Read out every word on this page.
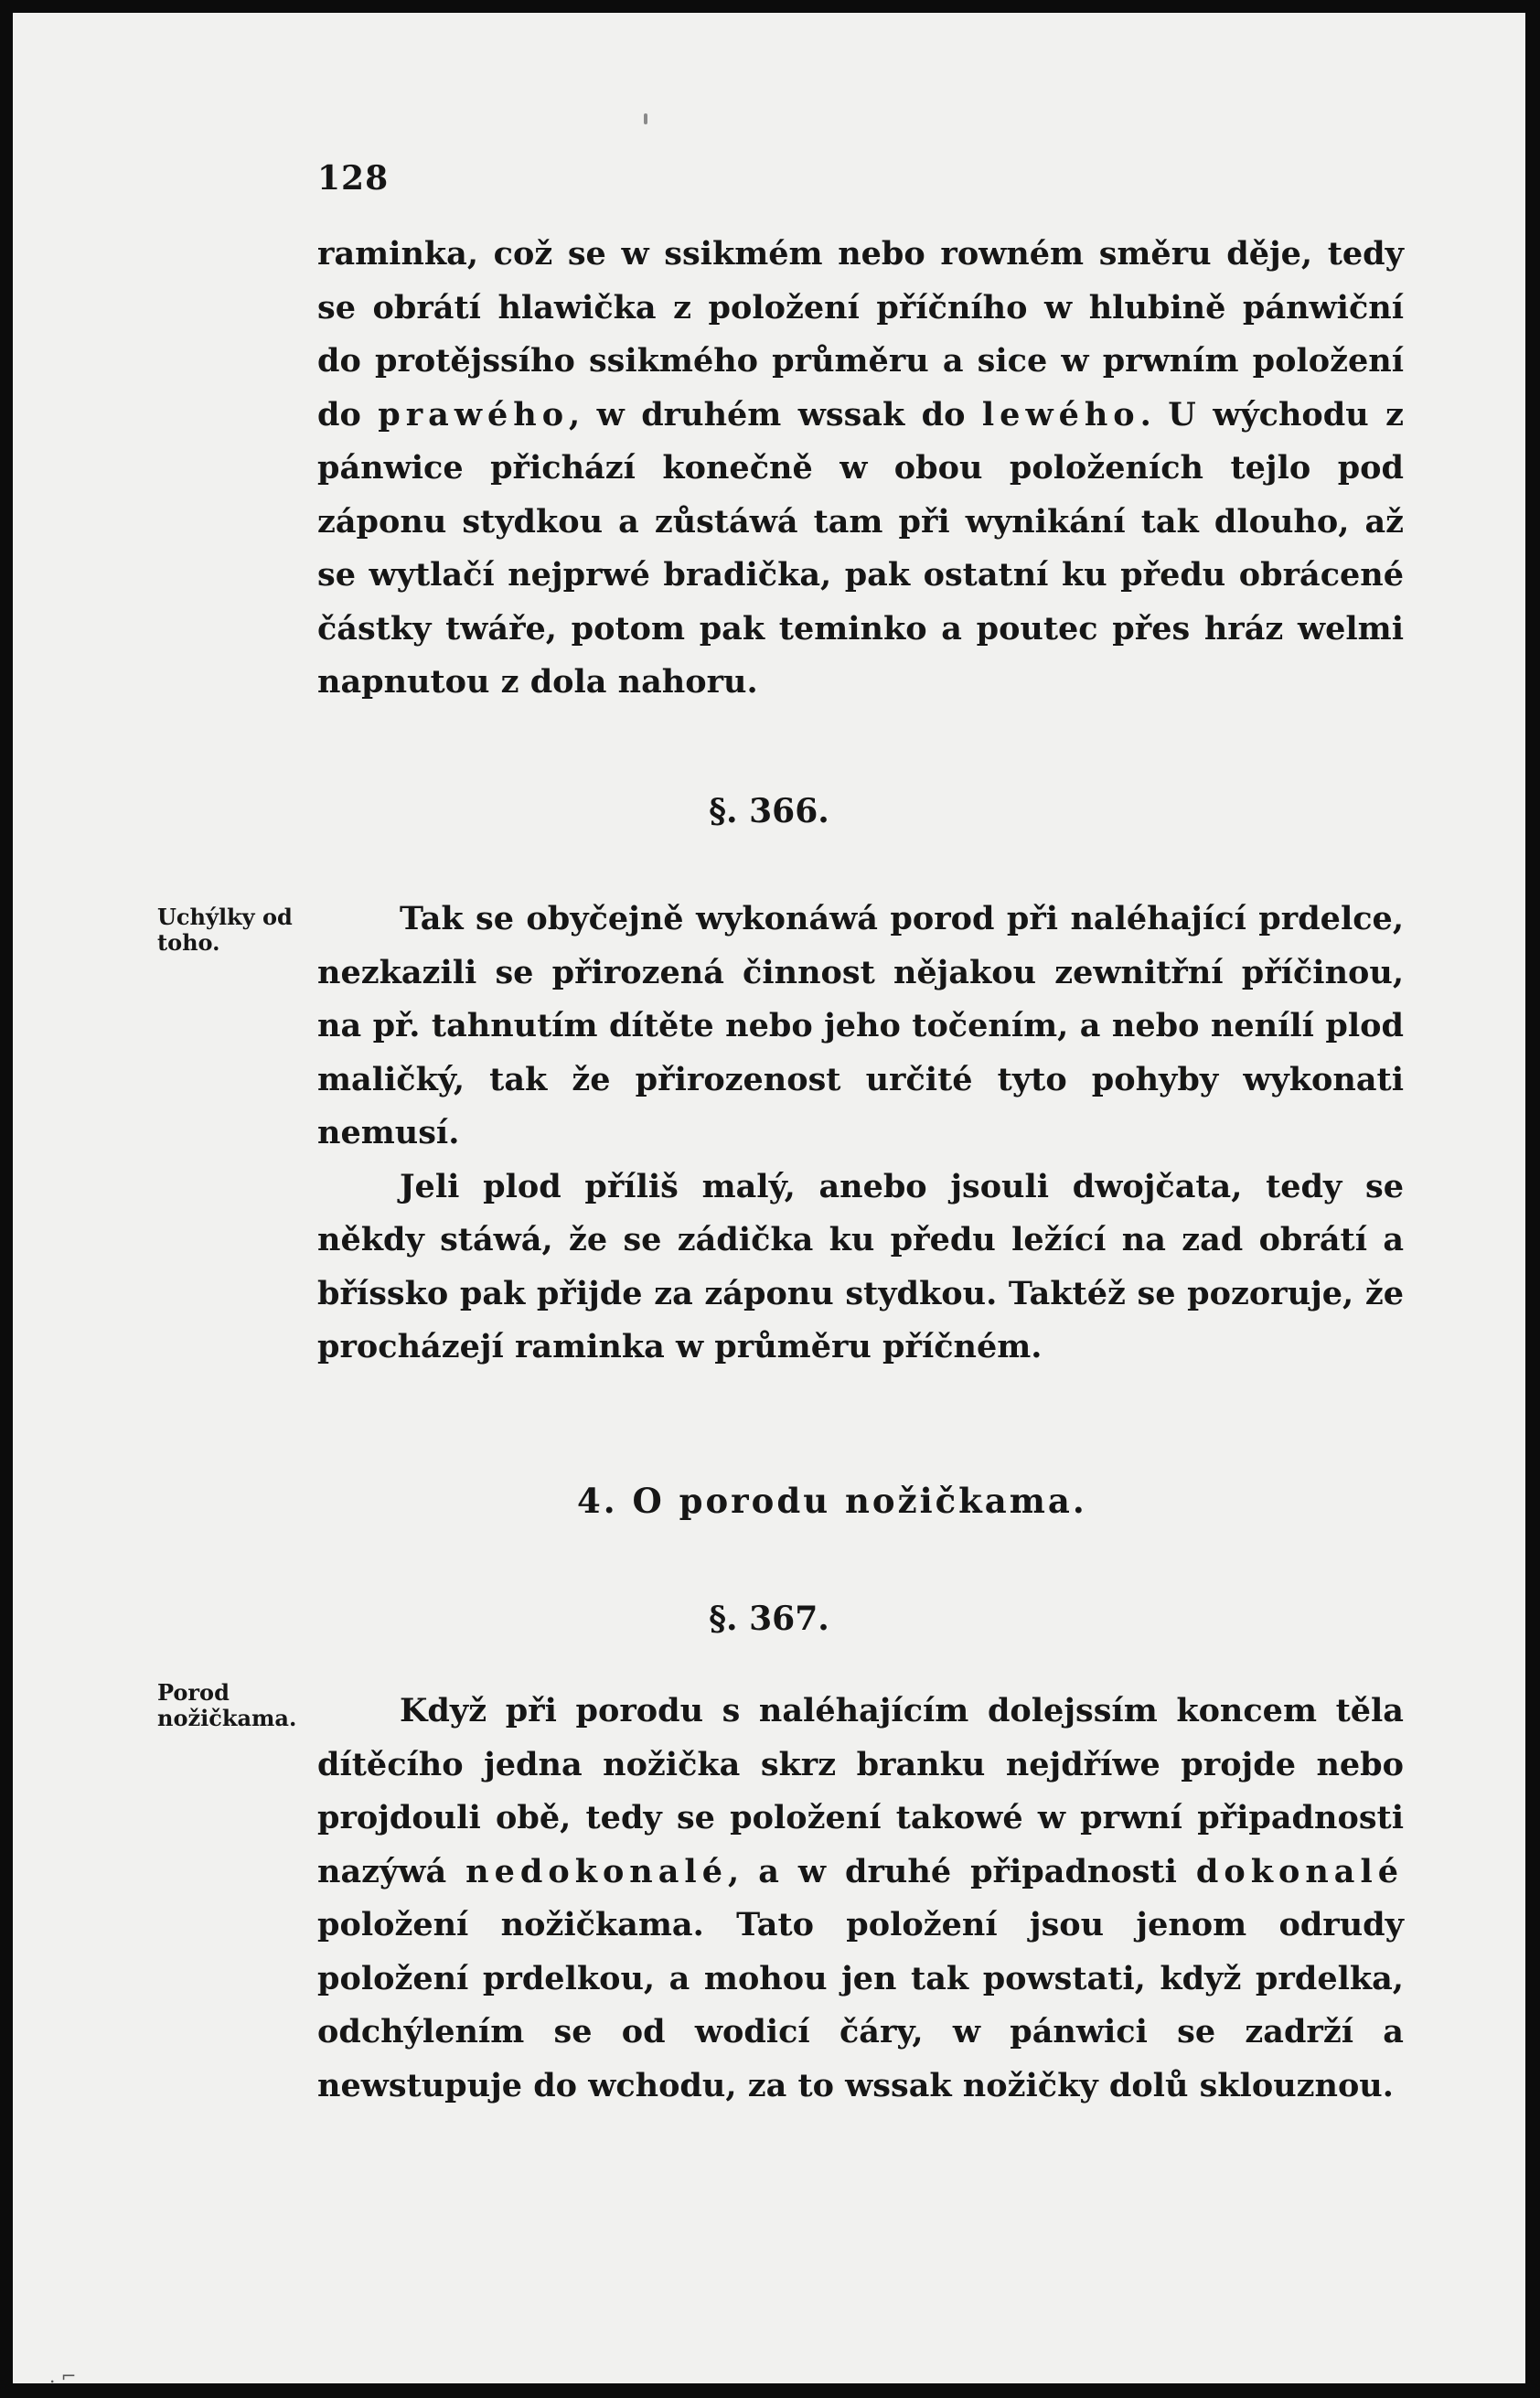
128

raminka, což se w ssikmém nebo rowném směru děje, tedy se obrátí hlawička z položení příčního w hlubině pánwiční do protějssího ssikmého průměru a sice w prwním položení do prawého, w druhém wssak do lewého. U wýchodu z pánwice přichází konečně w obou položeních tejlo pod záponu stydkou a zůstáwá tam při wynikání tak dlouho, až se wytlačí nejprwé bradička, pak ostatní ku předu obrácené částky twáře, potom pak teminko a poutec přes hráz welmi napnutou z dola nahoru.

§. 366.
Uchýlky od toho.

Tak se obyčejně wykonáwá porod při naléhající prdelce, nezkazili se přirozená činnost nějakou zewnitřní příčinou, na př. tahnutím dítěte nebo jeho točením, a nebo nenílí plod maličký, tak že přirozenost určité tyto pohyby wykonati nemusí.

Jeli plod příliš malý, anebo jsouli dwojčata, tedy se někdy stáwá, že se zádička ku předu ležící na zad obrátí a bříssko pak přijde za záponu stydkou. Taktéž se pozoruje, že procházejí raminka w průměru příčném.

4. O porodu nožičkama.
§. 367.
Porod nožičkama.	Když při porodu s naléhajícím dolejssím koncem těla dítěcího jedna nožička skrz branku nejdříwe projde nebo projdouli obě, tedy se položení takowé w prwní připadnosti nazýwá nedokonalé, a w druhé připadnosti dokonalé položení nožičkama. Tato položení jsou jenom odrudy položení prdelkou, a mohou jen tak powstati, když prdelka, odchýlením se od wodicí čáry, w pánwici se zadrží a newstupuje do wchodu, za to wssak nožičky dolů sklouznou.

. ⌐
